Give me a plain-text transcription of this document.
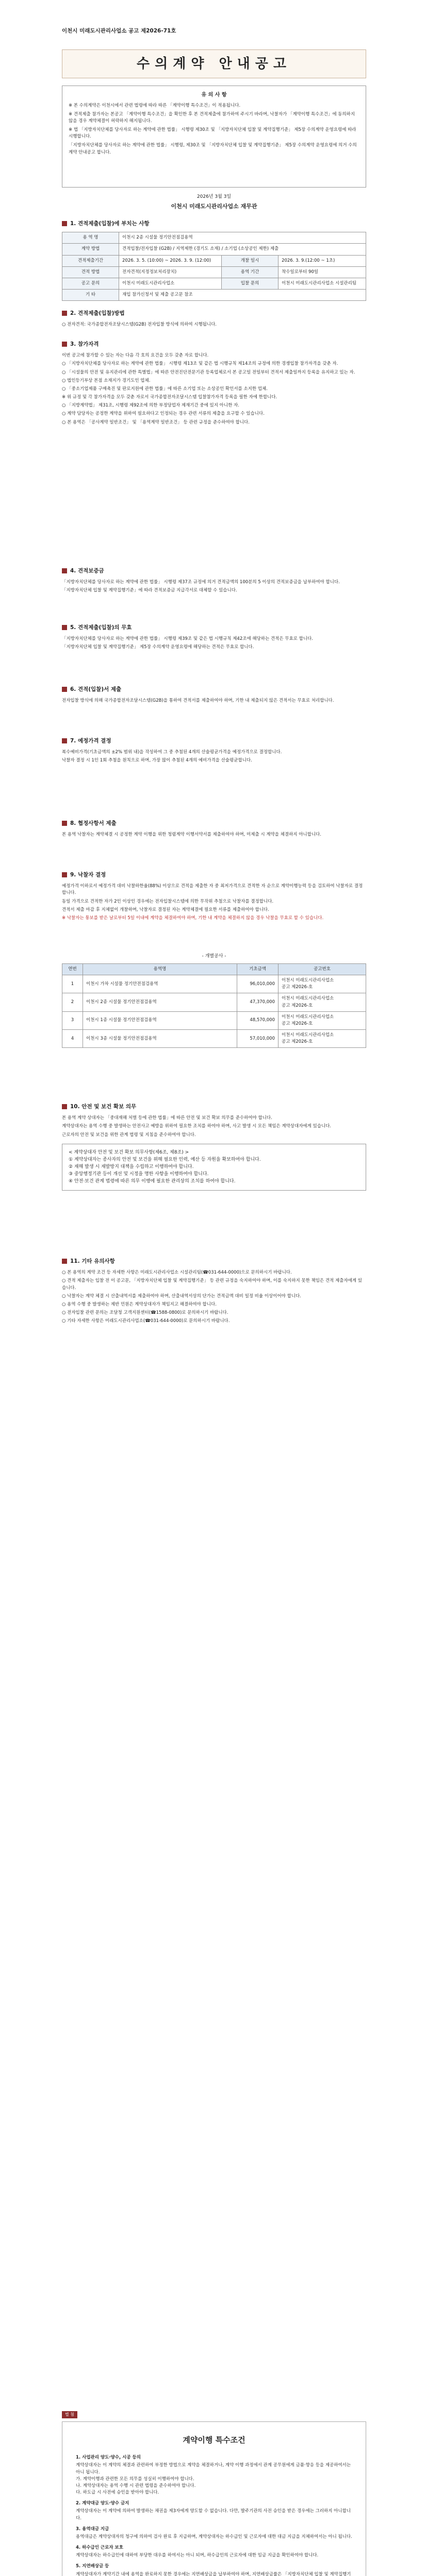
이천시 미래도시관리사업소 공고 제2026-71호
수의계약 안내공고
유 의 사 항

※ 본 수의계약은 이천시에서 관련 법령에 따라 따른 「계약이행 특수조건」이 적용됩니다.

※ 견적제출 참가자는 본공고 「계약이행 특수조건」을 확인한 후 본 견적제출에 참가하여 주시기 바라며, 낙찰자가 「계약이행 특수조건」에 동의하지 않을 경우 계약체결이 허락하지 해지됩니다.

※ 법 「지방자치단체를 당사자로 하는 계약에 관한 법률」 시행령 제30조 및 「지방자치단체 입찰 및 계약집행기준」 제5장 수의계약 운영요령에 따라 시행합니다.

「지방자치단체를 당사자로 하는 계약에 관한 법률」 시행령, 제30조 및 「지방자치단체 입찰 및 계약집행기준」 제5장 수의계약 운영요령에 의거 수의계약 안내공고 합니다.

2026년 3월 3일
이천시 미래도시관리사업소 재무관
1. 견적제출(입찰)에 부치는 사항
용 역 명	이천시 2종 시설물 정기안전점검용역		
계약 방법	견적입찰/전자입찰 (G2B) / 지역제한 (경기도 소재) / 소기업 (소상공인 제한) 제출		
견적제출기간	2026. 3. 5. (10:00) ~ 2026. 3. 9. (12:00)	개찰 일시	2026. 3. 9.(12:00 ~ 1초)
견적 방법	전자견적(지정정보처리장치)	용역 기간	착수일로부터 90일
공고 문의	이천시 미래도시관리사업소	입찰 문의	이천시 미래도시관리사업소 시설관리팀
기 타	재입 참가신청서 및 제출 공고문 참조		
2. 견적제출(입찰)방법

○ 전자견적: 국가종합전자조달시스템(G2B) 전자입찰 방식에 의하여 시행됩니다.

3. 참가자격

이번 공고에 참가할 수 있는 자는 다음 각 호의 요건을 모두 갖춘 자로 합니다.

○ 「지방자치단체를 당사자로 하는 계약에 관한 법률」 시행령 제13조 및 같은 법 시행규칙 제14조의 규정에 의한 경쟁입찰 참가자격을 갖춘 자.

○ 「시설물의 안전 및 유지관리에 관한 특별법」에 따른 안전진단전문기관 등록업체로서 본 공고일 전일부터 견적서 제출일까지 등록을 유지하고 있는 자.

○ 법인등기부상 본점 소재지가 경기도인 업체.

○ 「중소기업제품 구매촉진 및 판로지원에 관한 법률」에 따른 소기업 또는 소상공인 확인서를 소지한 업체.

※ 위 규정 및 각 참가자격을 모두 갖춘 자로서 국가종합전자조달시스템 입찰참가자격 등록을 필한 자에 한합니다.

○ 「지방계약법」 제31조, 시행령 제92조에 의한 부정당업자 제재기간 중에 있지 아니한 자.

○ 계약 담당자는 공정한 계약을 위하여 필요하다고 인정되는 경우 관련 서류의 제출을 요구할 수 있습니다.

○ 본 용역은 「공사계약 일반조건」 및 「용역계약 일반조건」 등 관련 규정을 준수하여야 합니다.

4. 견적보증금

「지방자치단체를 당사자로 하는 계약에 관한 법률」 시행령 제37조 규정에 의거 견적금액의 100분의 5 이상의 견적보증금을 납부하여야 합니다.

「지방자치단체 입찰 및 계약집행기준」에 따라 견적보증금 지급각서로 대체할 수 있습니다.

5. 견적제출(입찰)의 무효

「지방자치단체를 당사자로 하는 계약에 관한 법률」 시행령 제39조 및 같은 법 시행규칙 제42조에 해당하는 견적은 무효로 합니다.

「지방자치단체 입찰 및 계약집행기준」 제5장 수의계약 운영요령에 해당하는 견적은 무효로 합니다.

6. 견적(입찰)서 제출

전자입찰 방식에 의해 국가종합전자조달시스템(G2B)을 통하여 견적서를 제출하여야 하며, 기한 내 제출되지 않은 견적서는 무효로 처리합니다.

7. 예정가격 결정

복수예비가격(기초금액의 ±2% 범위 내)을 작성하여 그 중 추첨된 4개의 산술평균가격을 예정가격으로 결정합니다.

낙찰자 결정 시 1인 1회 추첨을 원칙으로 하며, 가장 많이 추첨된 4개의 예비가격을 산술평균합니다.

8. 협정사항서 제출

본 용역 낙찰자는 계약체결 시 공정한 계약 이행을 위한 청렴계약 이행서약서를 제출하여야 하며, 미제출 시 계약을 체결하지 아니합니다.

9. 낙찰자 결정

예정가격 이하로서 예정가격 대비 낙찰하한율(88%) 이상으로 견적을 제출한 자 중 최저가격으로 견적한 자 순으로 계약이행능력 등을 검토하여 낙찰자로 결정합니다.

동일 가격으로 견적한 자가 2인 이상인 경우에는 전자입찰시스템에 의한 무작위 추첨으로 낙찰자를 결정합니다.

견적서 제출 마감 후 지체없이 개찰하며, 낙찰자로 결정된 자는 계약체결에 필요한 서류를 제출하여야 합니다.

※ 낙찰자는 통보를 받은 날로부터 5일 이내에 계약을 체결하여야 하며, 기한 내 계약을 체결하지 않을 경우 낙찰을 무효로 할 수 있습니다.

- 개별공사 -
연번	용역명	기초금액	공고번호
1	이천시 가차 시설물 정기안전점검용역	96,010,000	이천시 미래도시관리사업소
공고 제2026-호
2	이천시 2종 시설물 정기안전점검용역	47,370,000	이천시 미래도시관리사업소
공고 제2026-호
3	이천시 1종 시설물 정기안전점검용역	48,570,000	이천시 미래도시관리사업소
공고 제2026-호
4	이천시 3종 시설물 정기안전점검용역	57,010,000	이천시 미래도시관리사업소
공고 제2026-호
10. 안전 및 보건 확보 의무

본 용역 계약 상대자는 「중대재해 처벌 등에 관한 법률」에 따른 안전 및 보건 확보 의무를 준수하여야 합니다.

계약상대자는 용역 수행 중 발생하는 안전사고 예방을 위하여 필요한 조치를 하여야 하며, 사고 발생 시 모든 책임은 계약상대자에게 있습니다.

근로자의 안전 및 보건을 위한 관계 법령 및 지침을 준수하여야 합니다.

< 계약상대자 안전 및 보건 확보 의무사항(제6조, 제8조) >
① 계약상대자는 종사자의 안전 및 보건을 위해 필요한 인력, 예산 등 자원을 확보하여야 합니다.
② 재해 발생 시 재발방지 대책을 수립하고 이행하여야 합니다.
③ 중앙행정기관 등이 개선 및 시정을 명한 사항을 이행하여야 합니다.
④ 안전·보건 관계 법령에 따른 의무 이행에 필요한 관리상의 조치를 하여야 합니다.
11. 기타 유의사항

○ 본 용역의 계약 조건 등 자세한 사항은 미래도시관리사업소 시설관리팀(☎031-644-0000)으로 문의하시기 바랍니다.

○ 견적 제출자는 입찰 전 이 공고문, 「지방자치단체 입찰 및 계약집행기준」 등 관련 규정을 숙지하여야 하며, 이를 숙지하지 못한 책임은 견적 제출자에게 있습니다.

○ 낙찰자는 계약 체결 시 산출내역서를 제출하여야 하며, 산출내역서상의 단가는 견적금액 대비 일정 비율 이상이어야 합니다.

○ 용역 수행 중 발생하는 제반 민원은 계약상대자가 책임지고 해결하여야 합니다.

○ 전자입찰 관련 문의는 조달청 고객지원센터(☎1588-0800)로 문의하시기 바랍니다.

○ 기타 자세한 사항은 미래도시관리사업소(☎031-644-0000)로 문의하시기 바랍니다.

별 첨
계약이행 특수조건

1. 사업관리 양도·양수, 시공 등의

계약상대자는 이 계약의 체결과 관련하여 부정한 방법으로 계약을 체결하거나, 계약 이행 과정에서 관계 공무원에게 금품·향응 등을 제공하여서는 아니 됩니다.
가. 계약이행과 관련한 모든 의무를 성실히 이행하여야 합니다.
나. 계약상대자는 용역 수행 시 관련 법령을 준수하여야 합니다.
다. 하도급 시 사전에 승인을 받아야 합니다.

2. 계약대금 양도·양수 금지

계약상대자는 이 계약에 의하여 발생하는 채권을 제3자에게 양도할 수 없습니다. 다만, 발주기관의 사전 승인을 받은 경우에는 그러하지 아니합니다.

3. 용역대금 지급

용역대금은 계약상대자의 청구에 의하여 검사 완료 후 지급하며, 계약상대자는 하수급인 및 근로자에 대한 대금 지급을 지체하여서는 아니 됩니다.

4. 하수급인 근로자 보호

계약상대자는 하수급인에 대하여 부당한 대우를 하여서는 아니 되며, 하수급인의 근로자에 대한 임금 지급을 확인하여야 합니다.

5. 지연배상금 등

계약상대자가 계약기간 내에 용역을 완료하지 못한 경우에는 지연배상금을 납부하여야 하며, 지연배상금률은 「지방자치단체 입찰 및 계약집행기
